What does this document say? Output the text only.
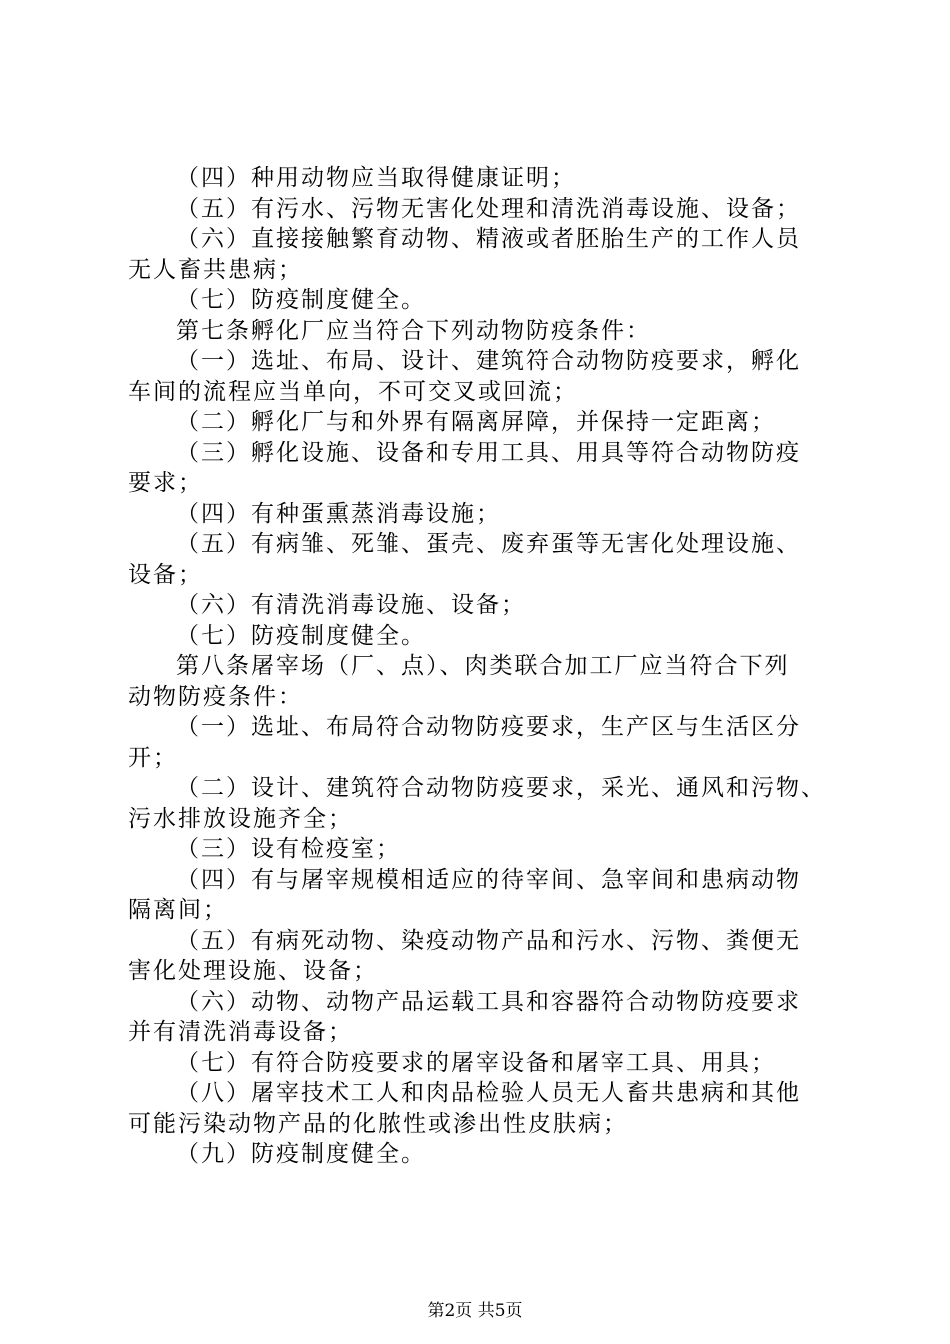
（四）种用动物应当取得健康证明；
（五）有污水、污物无害化处理和清洗消毒设施、设备；
（六）直接接触繁育动物、精液或者胚胎生产的工作人员
无人畜共患病；
（七）防疫制度健全。
第七条孵化厂应当符合下列动物防疫条件：
（一）选址、布局、设计、建筑符合动物防疫要求，孵化
车间的流程应当单向，不可交叉或回流；
（二）孵化厂与和外界有隔离屏障，并保持一定距离；
（三）孵化设施、设备和专用工具、用具等符合动物防疫
要求；
（四）有种蛋熏蒸消毒设施；
（五）有病雏、死雏、蛋壳、废弃蛋等无害化处理设施、
设备；
（六）有清洗消毒设施、设备；
（七）防疫制度健全。
第八条屠宰场（厂、点）、肉类联合加工厂应当符合下列
动物防疫条件：
（一）选址、布局符合动物防疫要求，生产区与生活区分
开；
（二）设计、建筑符合动物防疫要求，采光、通风和污物、
污水排放设施齐全；
（三）设有检疫室；
（四）有与屠宰规模相适应的待宰间、急宰间和患病动物
隔离间；
（五）有病死动物、染疫动物产品和污水、污物、粪便无
害化处理设施、设备；
（六）动物、动物产品运载工具和容器符合动物防疫要求
并有清洗消毒设备；
（七）有符合防疫要求的屠宰设备和屠宰工具、用具；
（八）屠宰技术工人和肉品检验人员无人畜共患病和其他
可能污染动物产品的化脓性或渗出性皮肤病；
（九）防疫制度健全。
第2页 共5页
